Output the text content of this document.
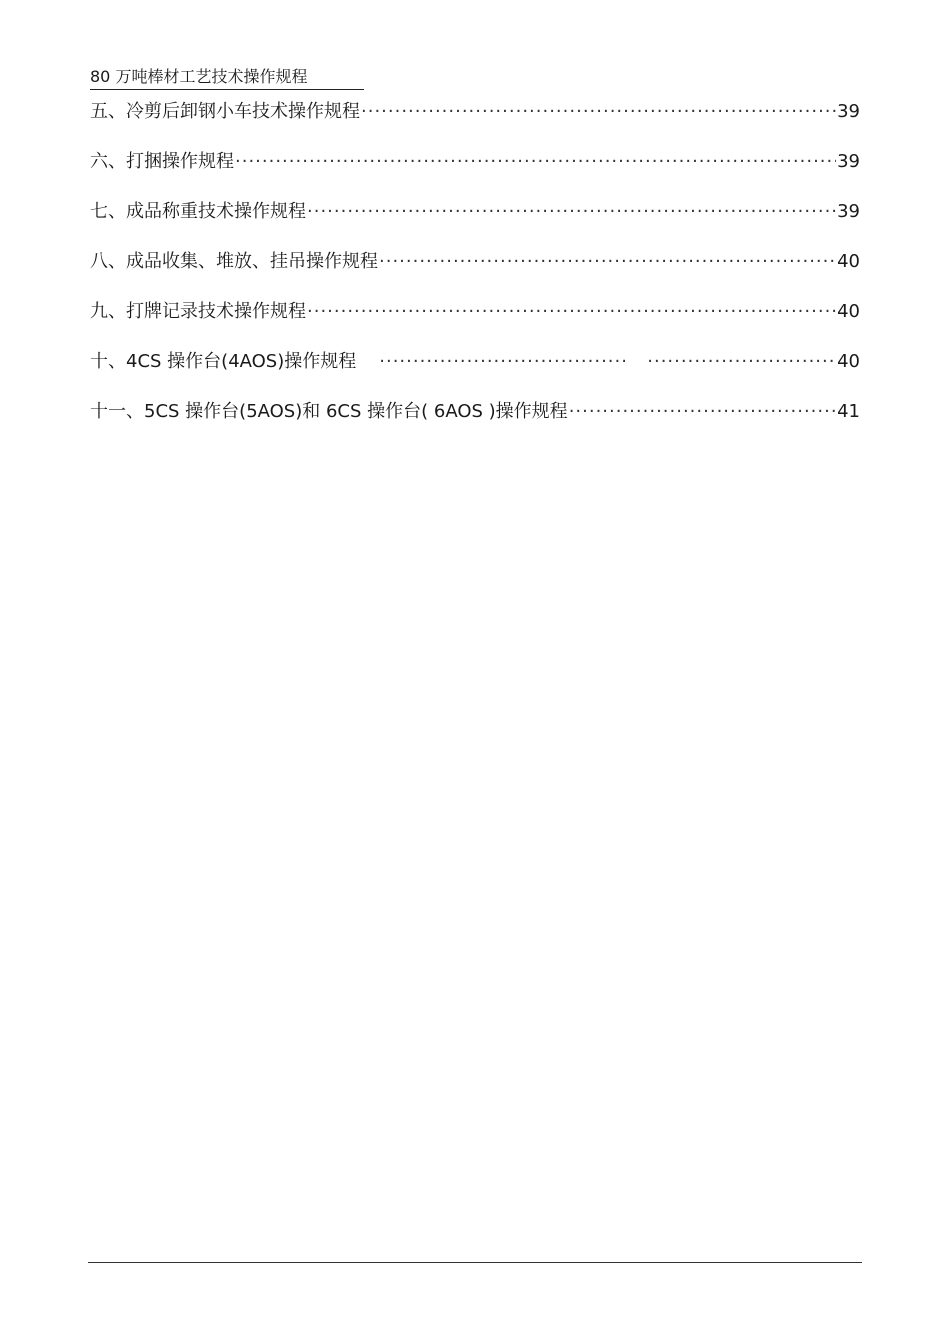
80 万吨棒材工艺技术操作规程
五、冷剪后卸钢小车技术操作规程 ·····	39
六、打捆操作规程 ·····	39
七、成品称重技术操作规程 ·····	39
八、成品收集、堆放、挂吊操作规程 ·····	40
九、打牌记录技术操作规程 ·····	40
十、4CS 操作台(4AOS)操作规程 ····· ·····	40
十一、5CS 操作台(5AOS)和 6CS 操作台( 6AOS )操作规程 ·····	41
